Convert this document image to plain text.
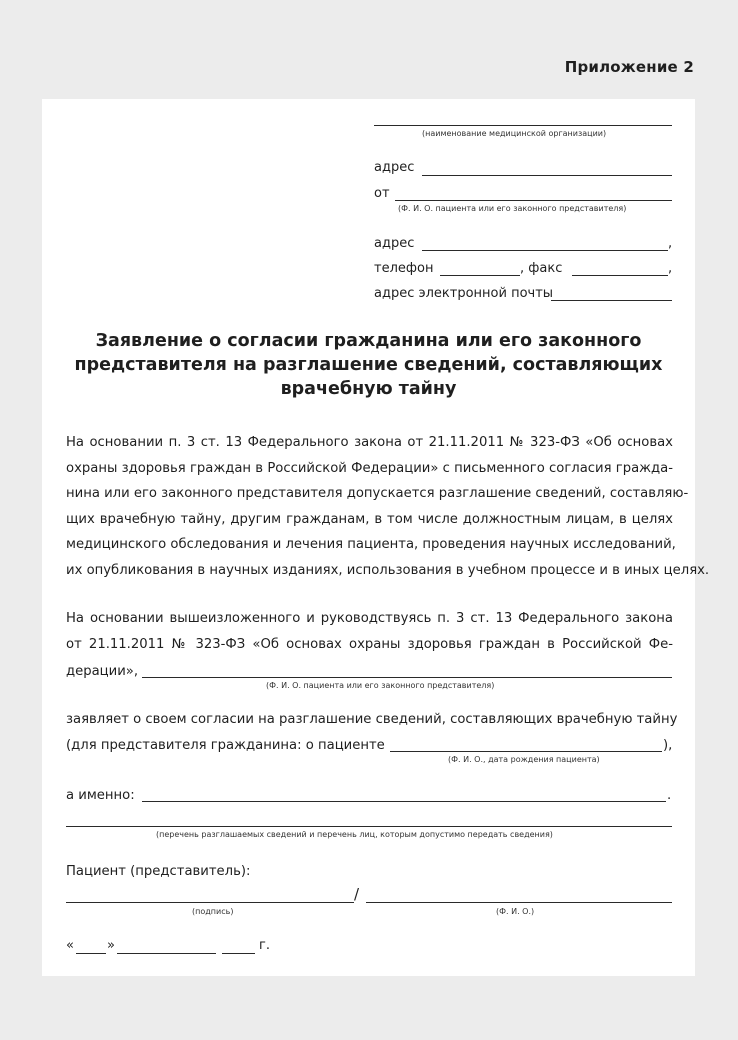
Приложение 2
(наименование медицинской организации)
адрес
от
(Ф. И. О. пациента или его законного представителя)
адрес	,
телефон	, факс	,
адрес электронной почты
Заявление о согласии гражданина или его законного
представителя на разглашение сведений, составляющих
врачебную тайну
На основании п. 3 ст. 13 Федерального закона от 21.11.2011 № 323-ФЗ «Об основах
охраны здоровья граждан в Российской Федерации» с письменного согласия гражда-
нина или его законного представителя допускается разглашение сведений, составляю-
щих врачебную тайну, другим гражданам, в том числе должностным лицам, в целях
медицинского обследования и лечения пациента, проведения научных исследований,
их опубликования в научных изданиях, использования в учебном процессе и в иных целях.
На основании вышеизложенного и руководствуясь п. 3 ст. 13 Федерального закона
от 21.11.2011 № 323-ФЗ «Об основах охраны здоровья граждан в Российской Фе-
дерации»,
(Ф. И. О. пациента или его законного представителя)
заявляет о своем согласии на разглашение сведений, составляющих врачебную тайну
(для представителя гражданина: о пациенте	),
(Ф. И. О., дата рождения пациента)
а именно:	.
(перечень разглашаемых сведений и перечень лиц, которым допустимо передать сведения)
Пациент (представитель):
/
(подпись)	(Ф. И. О.)
«	»	г.
